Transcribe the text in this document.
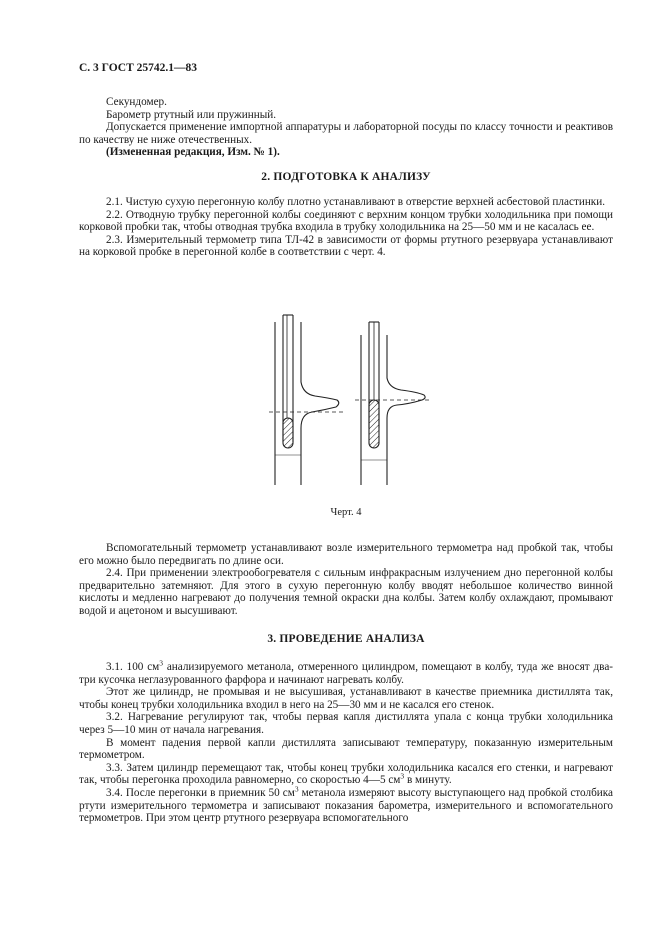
С. 3 ГОСТ 25742.1—83

Секундомер.

Барометр ртутный или пружинный.

Допускается применение импортной аппаратуры и лабораторной посуды по классу точности и реактивов по качеству не ниже отечественных.

(Измененная редакция, Изм. № 1).

2. ПОДГОТОВКА К АНАЛИЗУ

2.1. Чистую сухую перегонную колбу плотно устанавливают в отверстие верхней асбестовой пластинки.

2.2. Отводную трубку перегонной колбы соединяют с верхним концом трубки холодильника при помощи корковой пробки так, чтобы отводная трубка входила в трубку холодильника на 25—50 мм и не касалась ее.

2.3. Измерительный термометр типа ТЛ-42 в зависимости от формы ртутного резервуара устанавливают на корковой пробке в перегонной колбе в соответствии с черт. 4.

Черт. 4

Вспомогательный термометр устанавливают возле измерительного термометра над пробкой так, чтобы его можно было передвигать по длине оси.

2.4. При применении электрообогревателя с сильным инфракрасным излучением дно перегонной колбы предварительно затемняют. Для этого в сухую перегонную колбу вводят небольшое количество винной кислоты и медленно нагревают до получения темной окраски дна колбы. Затем колбу охлаждают, промывают водой и ацетоном и высушивают.

3. ПРОВЕДЕНИЕ АНАЛИЗА

3.1. 100 $см^3$ анализируемого метанола, отмеренного цилиндром, помещают в колбу, туда же вносят два-три кусочка неглазурованного фарфора и начинают нагревать колбу.

Этот же цилиндр, не промывая и не высушивая, устанавливают в качестве приемника дистиллята так, чтобы конец трубки холодильника входил в него на 25—30 мм и не касался его стенок.

3.2. Нагревание регулируют так, чтобы первая капля дистиллята упала с конца трубки холодильника через 5—10 мин от начала нагревания.

В момент падения первой капли дистиллята записывают температуру, показанную измерительным термометром.

3.3. Затем цилиндр перемещают так, чтобы конец трубки холодильника касался его стенки, и нагревают так, чтобы перегонка проходила равномерно, со скоростью 4—5 $см^3$ в минуту.

3.4. После перегонки в приемник 50 $см^3$ метанола измеряют высоту выступающего над пробкой столбика ртути измерительного термометра и записывают показания барометра, измерительного и вспомогательного термометров. При этом центр ртутного резервуара вспомогательного
